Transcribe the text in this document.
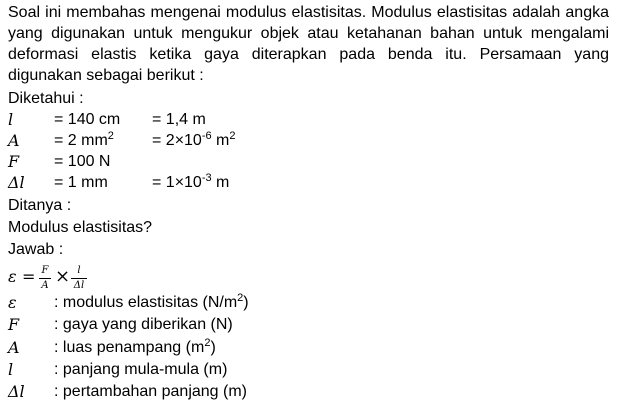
Soal ini membahas mengenai modulus elastisitas. Modulus elastisitas adalah angka yang digunakan untuk mengukur objek atau ketahanan bahan untuk mengalami deformasi elastis ketika gaya diterapkan pada benda itu. Persamaan yang digunakan sebagai berikut :
Diketahui :
l	= 140 cm = 1,4 m
A = 2 $mm^2 = 2\times 10^{-6}$ $m^2$
F = 100 N
Δl = 1 mm	= $1\times 10^{-3}$ m
Ditanya :
Modulus elastisitas?
Jawab :
ε = F
A × l
Δl
ε : modulus elastisitas $(N/m^2)$
F : gaya yang diberikan (N)
A : luas penampang $(m^2)$
l	: panjang mula-mula (m)
Δl : pertambahan panjang (m)
